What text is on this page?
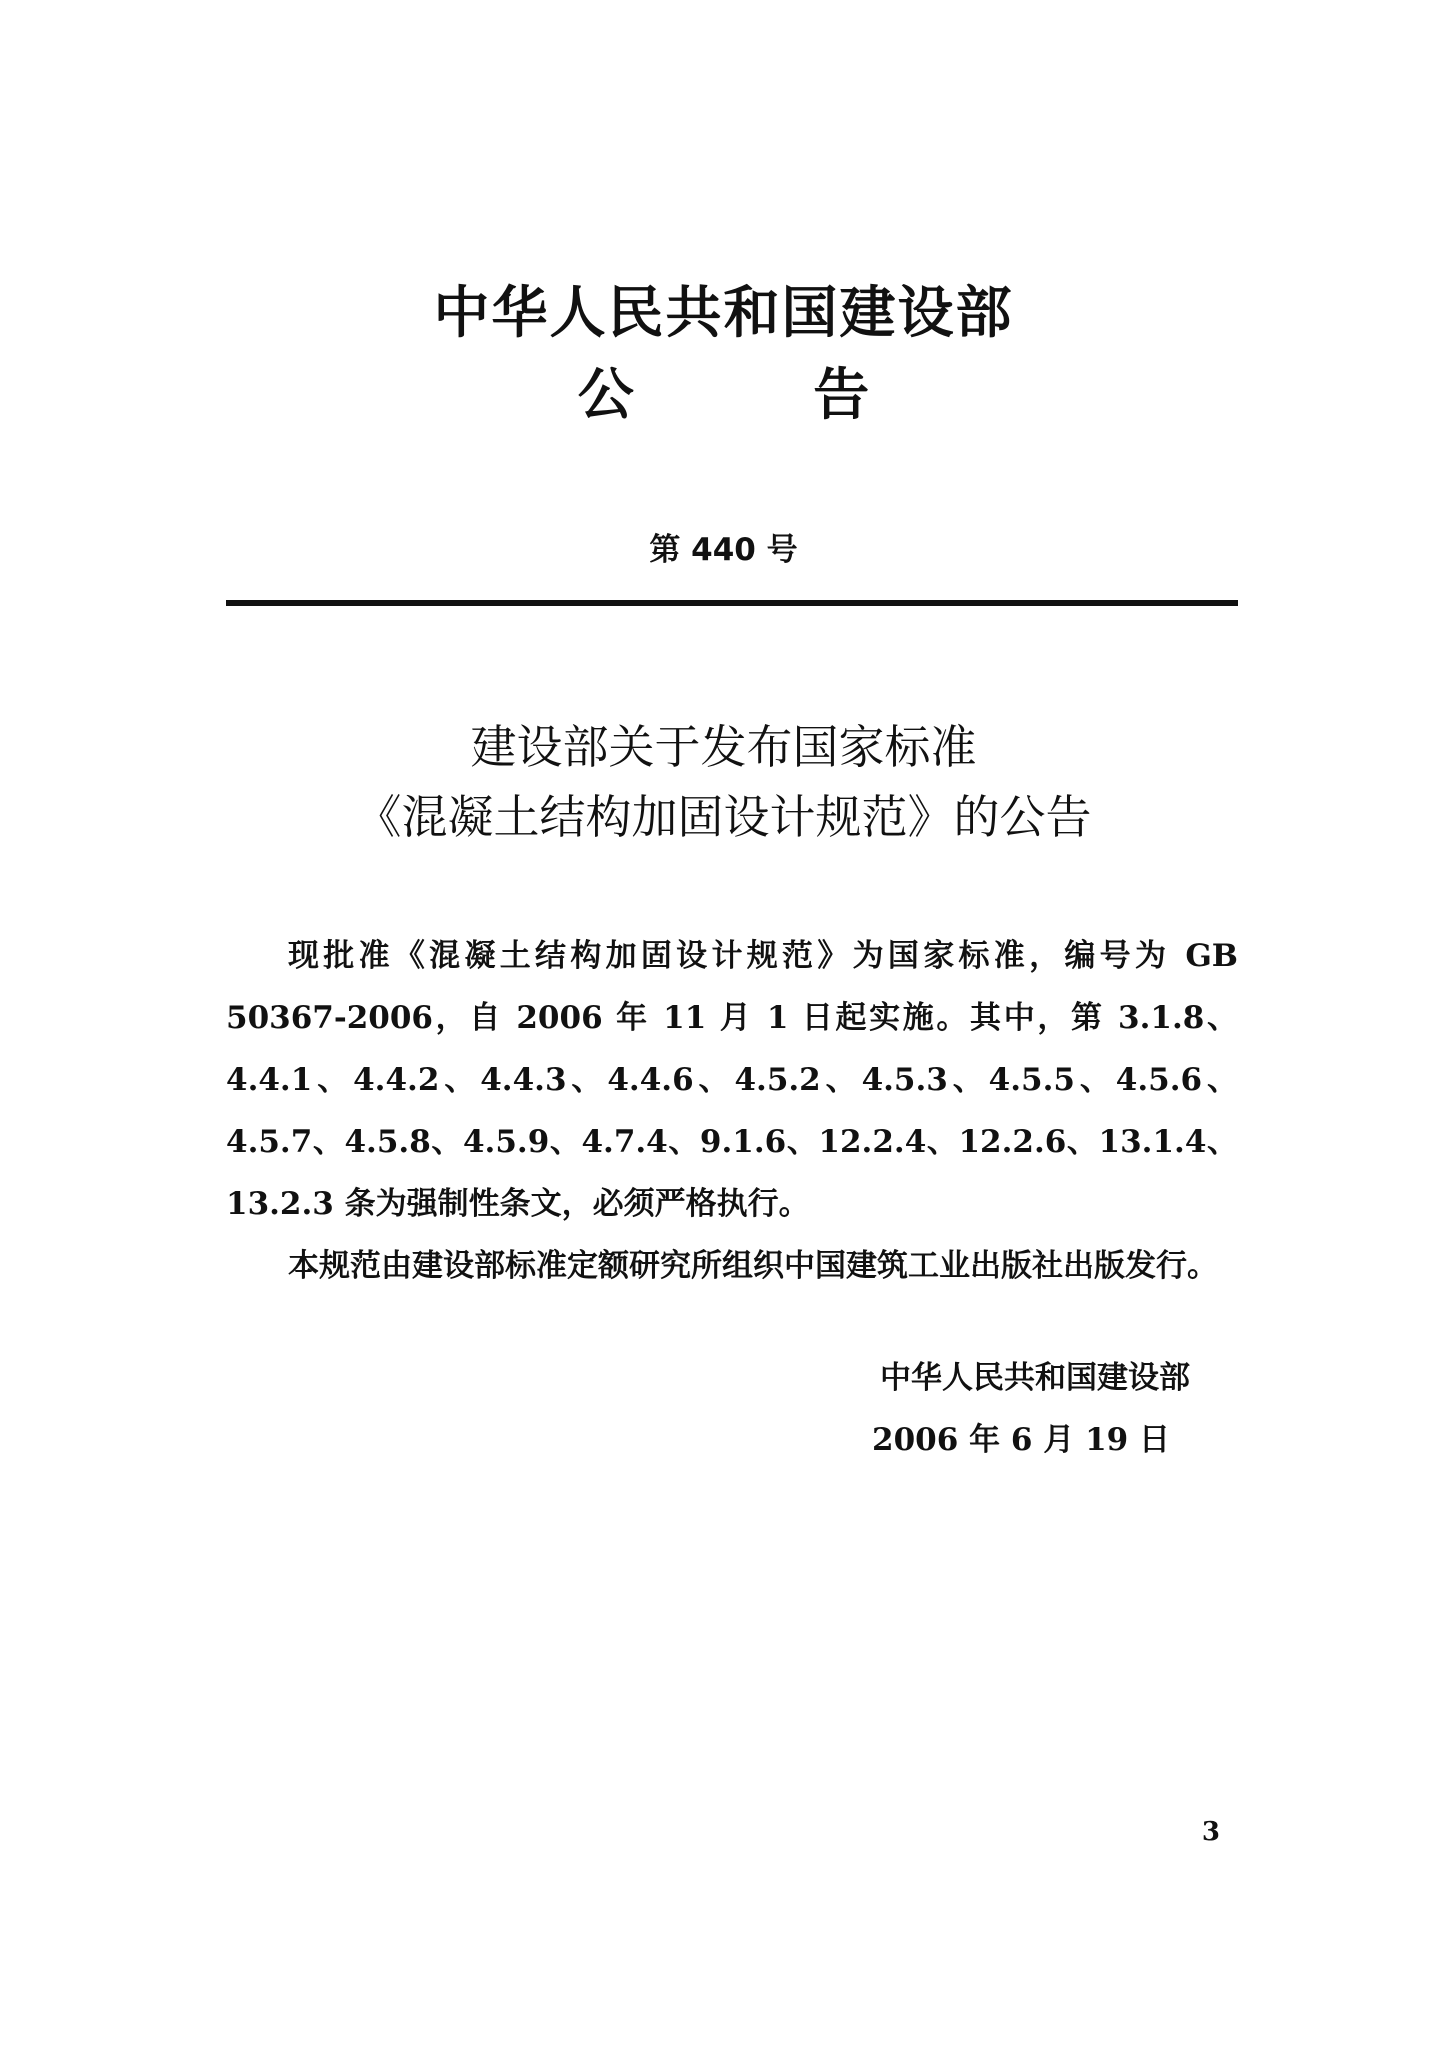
中华人民共和国建设部
公 告
第 440 号
建设部关于发布国家标准
《混凝土结构加固设计规范》的公告

现批准《混凝土结构加固设计规范》为国家标准，编号为 GB 50367-2006，自 2006 年 11 月 1 日起实施。其中，第 3.1.8、4.4.1、4.4.2、4.4.3、4.4.6、4.5.2、4.5.3、4.5.5、4.5.6、4.5.7、4.5.8、4.5.9、4.7.4、9.1.6、12.2.4、12.2.6、13.1.4、13.2.3 条为强制性条文，必须严格执行。

本规范由建设部标准定额研究所组织中国建筑工业出版社出版发行。

中华人民共和国建设部
2006 年 6 月 19 日
3
